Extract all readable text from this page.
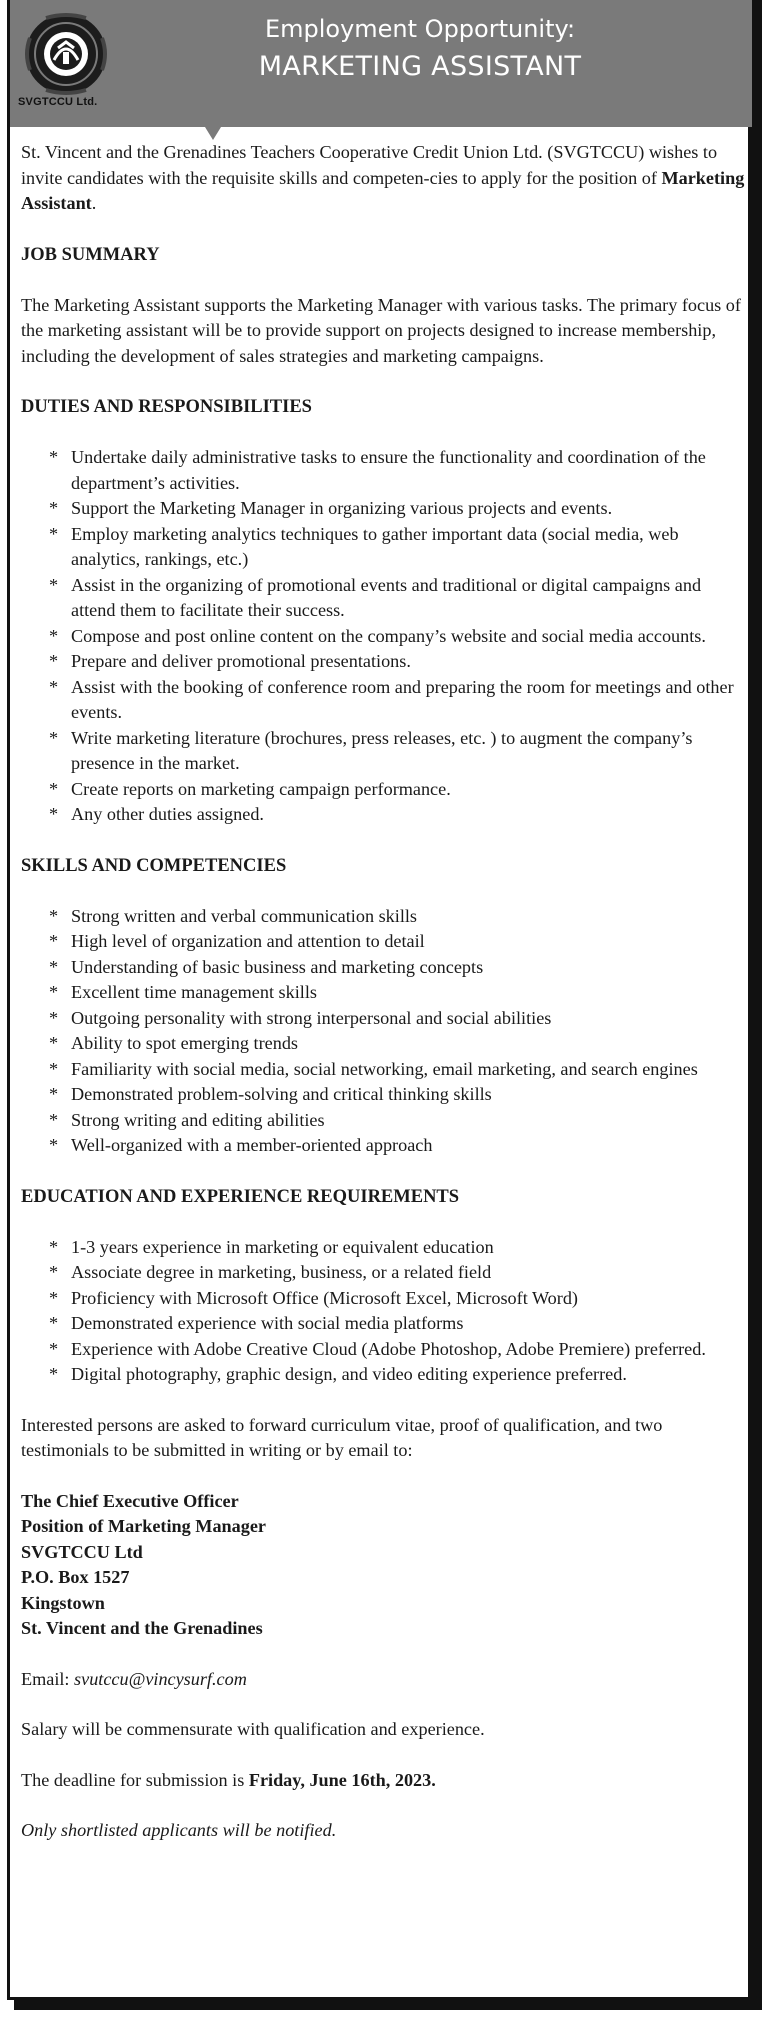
SVGTCCU Ltd.
Employment Opportunity:
MARKETING ASSISTANT

St. Vincent and the Grenadines Teachers Cooperative Credit Union Ltd. (SVGTCCU) wishes to invite candidates with the requisite skills and competen-cies to apply for the position of Marketing Assistant.

JOB SUMMARY

The Marketing Assistant supports the Marketing Manager with various tasks. The primary focus of the marketing assistant will be to provide support on projects designed to increase membership, including the development of sales strategies and marketing campaigns.

DUTIES AND RESPONSIBILITIES
* Undertake daily administrative tasks to ensure the functionality and coordination of the department’s activities.
* Support the Marketing Manager in organizing various projects and events.
* Employ marketing analytics techniques to gather important data (social media, web analytics, rankings, etc.)
* Assist in the organizing of promotional events and traditional or digital campaigns and attend them to facilitate their success.
* Compose and post online content on the company’s website and social media accounts.
* Prepare and deliver promotional presentations.
* Assist with the booking of conference room and preparing the room for meetings and other events.
* Write marketing literature (brochures, press releases, etc. ) to augment the company’s presence in the market.
* Create reports on marketing campaign performance.
* Any other duties assigned.
SKILLS AND COMPETENCIES
* Strong written and verbal communication skills
* High level of organization and attention to detail
* Understanding of basic business and marketing concepts
* Excellent time management skills
* Outgoing personality with strong interpersonal and social abilities
* Ability to spot emerging trends
* Familiarity with social media, social networking, email marketing, and search engines
* Demonstrated problem-solving and critical thinking skills
* Strong writing and editing abilities
* Well-organized with a member-oriented approach
EDUCATION AND EXPERIENCE REQUIREMENTS
* 1-3 years experience in marketing or equivalent education
* Associate degree in marketing, business, or a related field
* Proficiency with Microsoft Office (Microsoft Excel, Microsoft Word)
* Demonstrated experience with social media platforms
* Experience with Adobe Creative Cloud (Adobe Photoshop, Adobe Premiere) preferred.
* Digital photography, graphic design, and video editing experience preferred.

Interested persons are asked to forward curriculum vitae, proof of qualification, and two testimonials to be submitted in writing or by email to:

The Chief Executive Officer
Position of Marketing Manager
SVGTCCU Ltd
P.O. Box 1527
Kingstown
St. Vincent and the Grenadines

Email: svutccu@vincysurf.com

Salary will be commensurate with qualification and experience.

The deadline for submission is Friday, June 16th, 2023.

Only shortlisted applicants will be notified.
